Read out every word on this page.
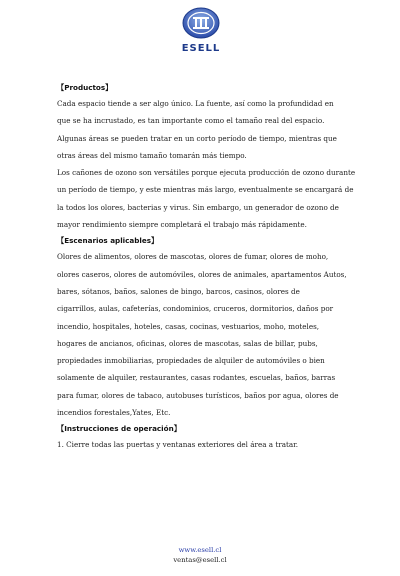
ESELL

【Productos】

Cada espacio tiende a ser algo único. La fuente, así como la profundidad en

que se ha incrustado, es tan importante como el tamaño real del espacio.

Algunas áreas se pueden tratar en un corto período de tiempo, mientras que

otras áreas del mismo tamaño tomarán más tiempo.

Los cañones de ozono son versátiles porque ejecuta producción de ozono durante

un período de tiempo, y este mientras más largo, eventualmente se encargará de

la todos los olores, bacterias y virus. Sin embargo, un generador de ozono de

mayor rendimiento siempre completará el trabajo más rápidamente.

【Escenarios aplicables】

Olores de alimentos, olores de mascotas, olores de fumar, olores de moho,

olores caseros, olores de automóviles, olores de animales, apartamentos Autos,

bares, sótanos, baños, salones de bingo, barcos, casinos, olores de

cigarrillos, aulas, cafeterías, condominios, cruceros, dormitorios, daños por

incendio, hospitales, hoteles, casas, cocinas, vestuarios, moho, moteles,

hogares de ancianos, oficinas, olores de mascotas, salas de billar, pubs,

propiedades inmobiliarias, propiedades de alquiler de automóviles o bien

solamente de alquiler, restaurantes, casas rodantes, escuelas, baños, barras

para fumar, olores de tabaco, autobuses turísticos, baños por agua, olores de

incendios forestales,Yates, Etc.

【Instrucciones de operación】

1. Cierre todas las puertas y ventanas exteriores del área a tratar.

www.esell.cl
ventas@esell.cl
